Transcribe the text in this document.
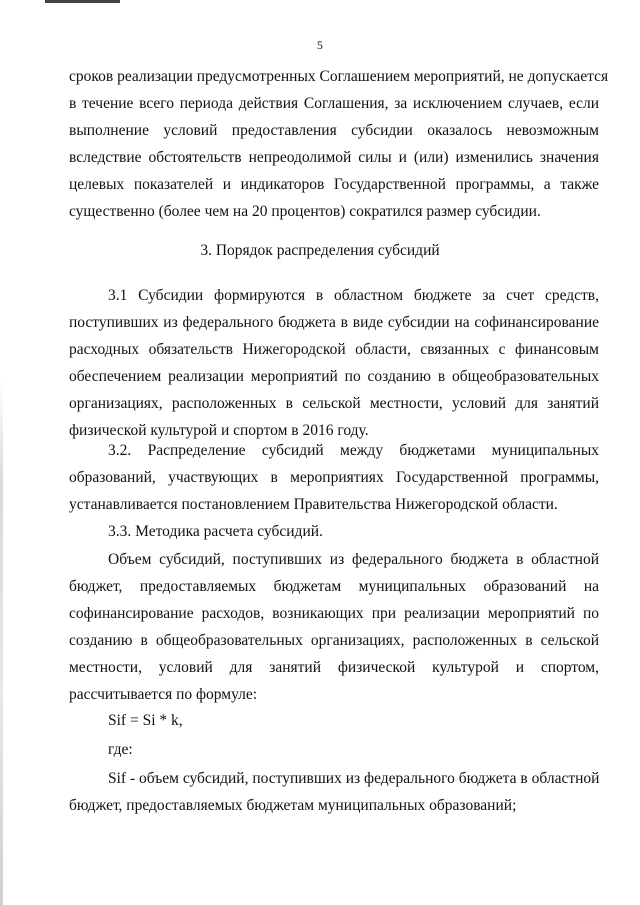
5
сроков реализации предусмотренных Соглашением мероприятий, не допускается
в течение всего периода действия Соглашения, за исключением случаев, если
выполнение условий предоставления субсидии оказалось невозможным
вследствие обстоятельств непреодолимой силы и (или) изменились значения
целевых показателей и индикаторов Государственной программы, а также
существенно (более чем на 20 процентов) сократился размер субсидии.
3. Порядок распределения субсидий
3.1 Субсидии формируются в областном бюджете за счет средств,
поступивших из федерального бюджета в виде субсидии на софинансирование
расходных обязательств Нижегородской области, связанных с финансовым
обеспечением реализации мероприятий по созданию в общеобразовательных
организациях, расположенных в сельской местности, условий для занятий
физической культурой и спортом в 2016 году.
3.2. Распределение субсидий между бюджетами муниципальных
образований, участвующих в мероприятиях Государственной программы,
устанавливается постановлением Правительства Нижегородской области.
3.3. Методика расчета субсидий.
Объем субсидий, поступивших из федерального бюджета в областной
бюджет, предоставляемых бюджетам муниципальных образований на
софинансирование расходов, возникающих при реализации мероприятий по
созданию в общеобразовательных организациях, расположенных в сельской
местности, условий для занятий физической культурой и спортом,
рассчитывается по формуле:
Sif = Si * k,
где:
Sif - объем субсидий, поступивших из федерального бюджета в областной
бюджет, предоставляемых бюджетам муниципальных образований;
